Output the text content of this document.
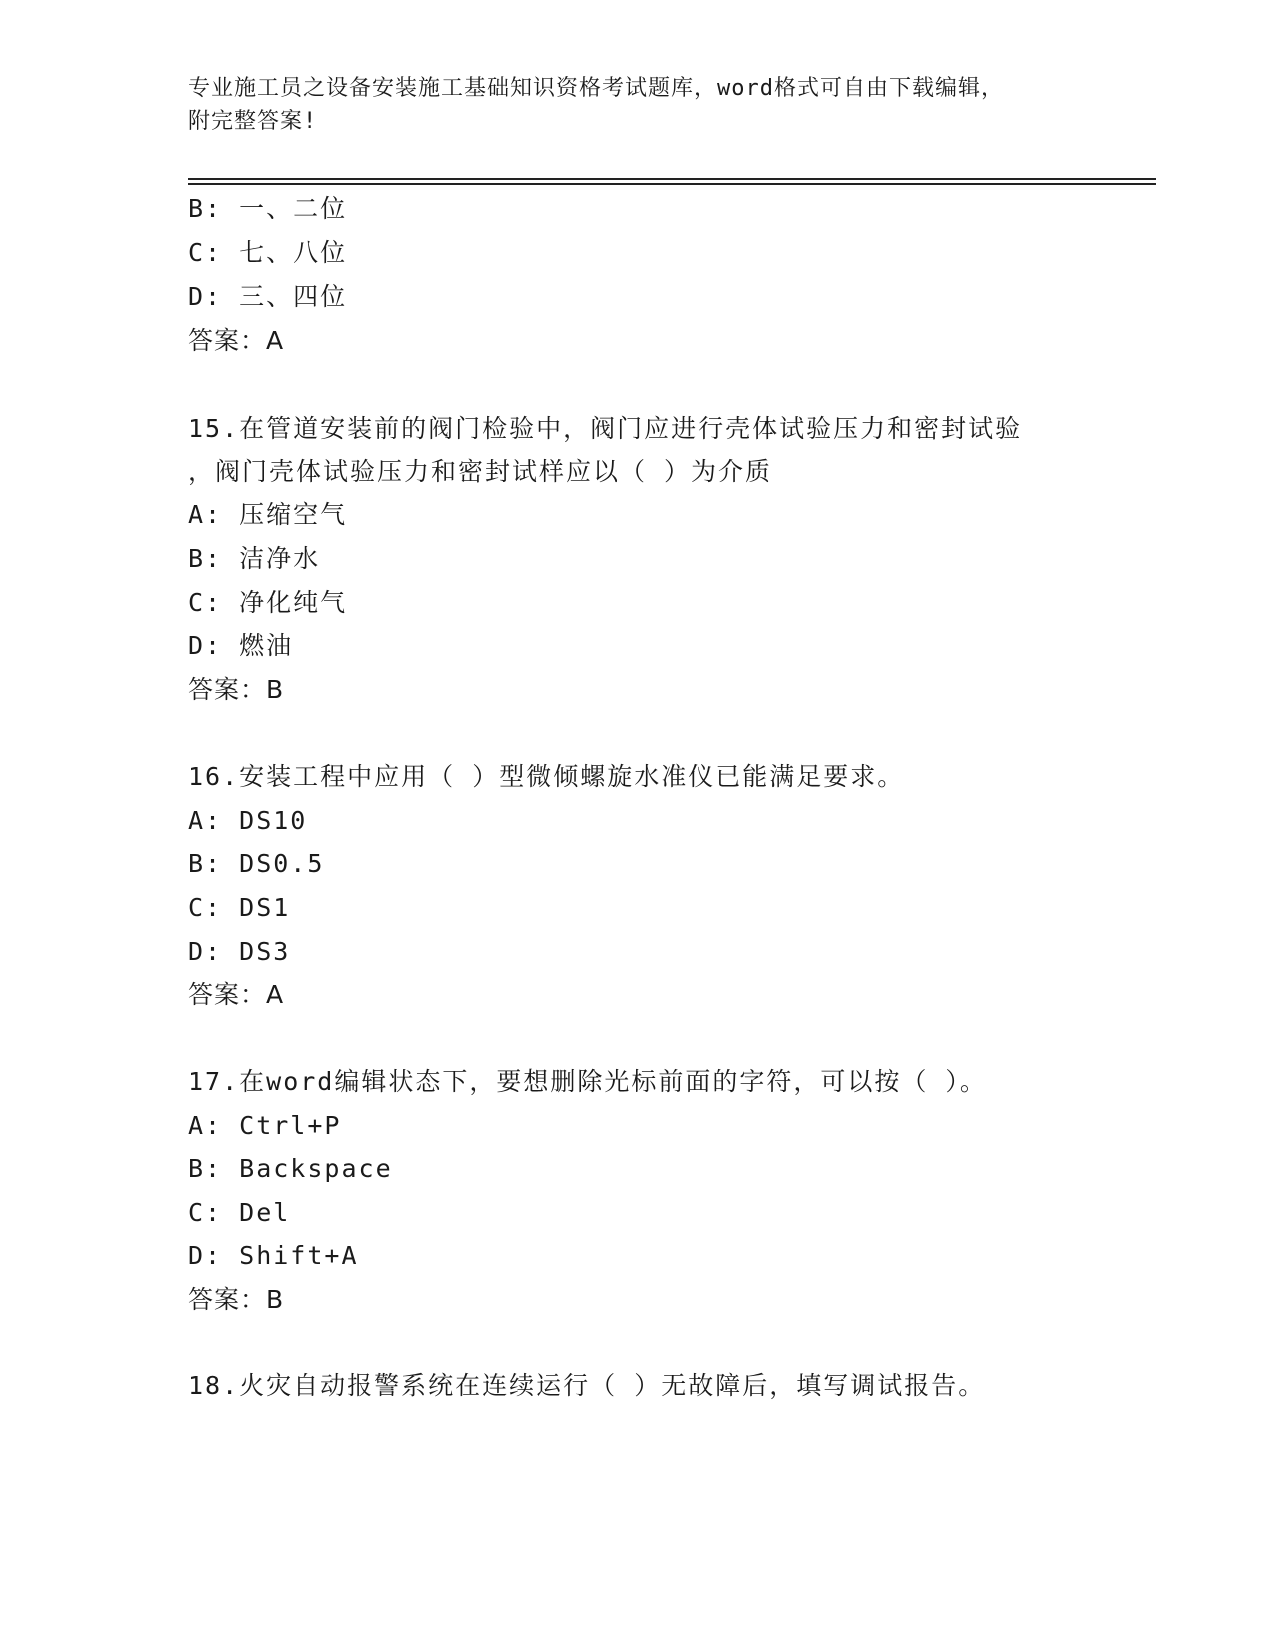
专业施工员之设备安装施工基础知识资格考试题库，word格式可自由下载编辑，
附完整答案!
B: 一、二位
C: 七、八位
D: 三、四位
答案：A
15.在管道安装前的阀门检验中，阀门应进行壳体试验压力和密封试验
，阀门壳体试验压力和密封试样应以（ ）为介质
A: 压缩空气
B: 洁净水
C: 净化纯气
D: 燃油
答案：B
16.安装工程中应用（ ）型微倾螺旋水准仪已能满足要求。
A: DS10
B: DS0.5
C: DS1
D: DS3
答案：A
17.在word编辑状态下，要想删除光标前面的字符，可以按（ ）。
A: Ctrl+P
B: Backspace
C: Del
D: Shift+A
答案：B
18.火灾自动报警系统在连续运行（ ）无故障后，填写调试报告。
